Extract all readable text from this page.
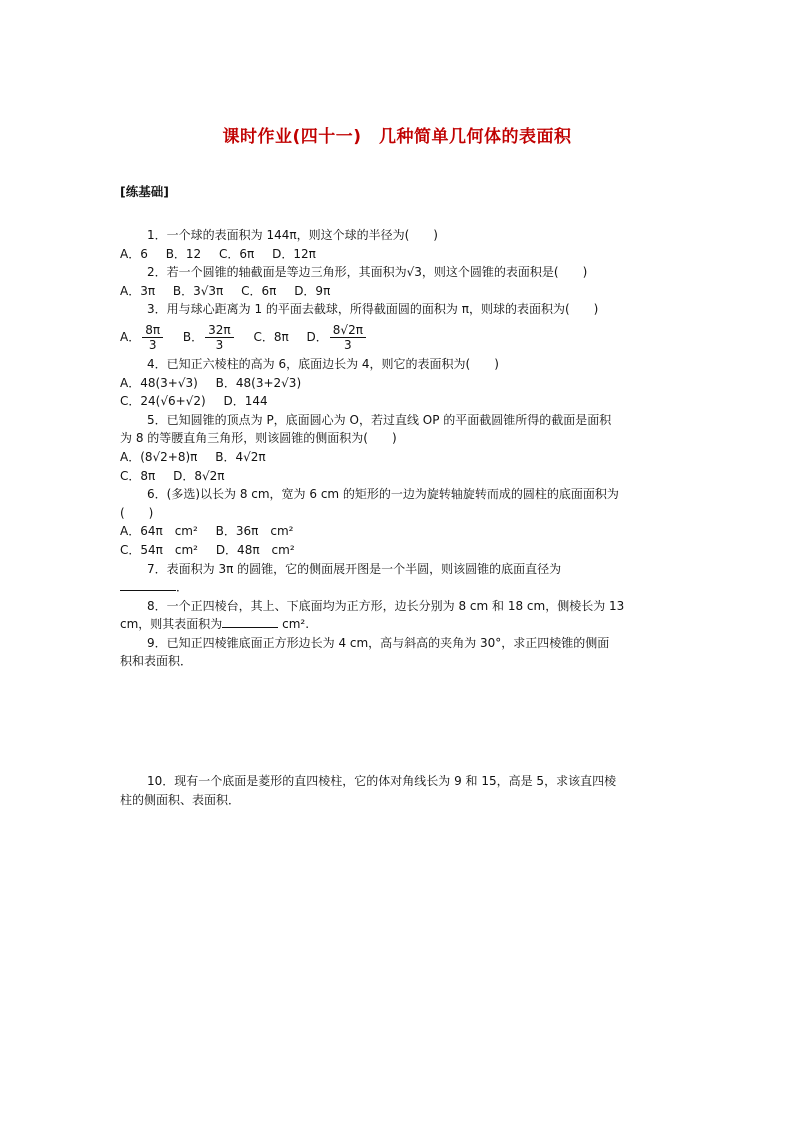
课时作业(四十一)　几种简单几何体的表面积
[练基础]
1．一个球的表面积为 144π，则这个球的半径为(　　)
A．6 B．12 C．6π D．12π
2．若一个圆锥的轴截面是等边三角形，其面积为√3，则这个圆锥的表面积是(　　)
A．3π B．3√3π C．6π D．9π
3．用与球心距离为 1 的平面去截球，所得截面圆的面积为 π，则球的表面积为(　　)
A． $\frac{8\pi}{3}$ B． $\frac{32\pi}{3}$ C．8π D． $\frac{8√2\pi}{3}$
4．已知正六棱柱的高为 6，底面边长为 4，则它的表面积为(　　)
A．48(3+√3) B．48(3+2√3)
C．24(√6+√2) D．144
5．已知圆锥的顶点为 P，底面圆心为 O，若过直线 OP 的平面截圆锥所得的截面是面积
为 8 的等腰直角三角形，则该圆锥的侧面积为(　　)
A．(8√2+8)π B．4√2π
C．8π D．8√2π
6．(多选)以长为 8 cm，宽为 6 cm 的矩形的一边为旋转轴旋转而成的圆柱的底面面积为
(　　)
A．64π　cm² B．36π　cm²
C．54π　cm² D．48π　cm²
7．表面积为 3π 的圆锥，它的侧面展开图是一个半圆，则该圆锥的底面直径为
．
8．一个正四棱台，其上、下底面均为正方形，边长分别为 8 cm 和 18 cm，侧棱长为 13
cm，则其表面积为	cm².
9．已知正四棱锥底面正方形边长为 4 cm，高与斜高的夹角为 30°，求正四棱锥的侧面
积和表面积．
10．现有一个底面是菱形的直四棱柱，它的体对角线长为 9 和 15，高是 5，求该直四棱
柱的侧面积、表面积．
